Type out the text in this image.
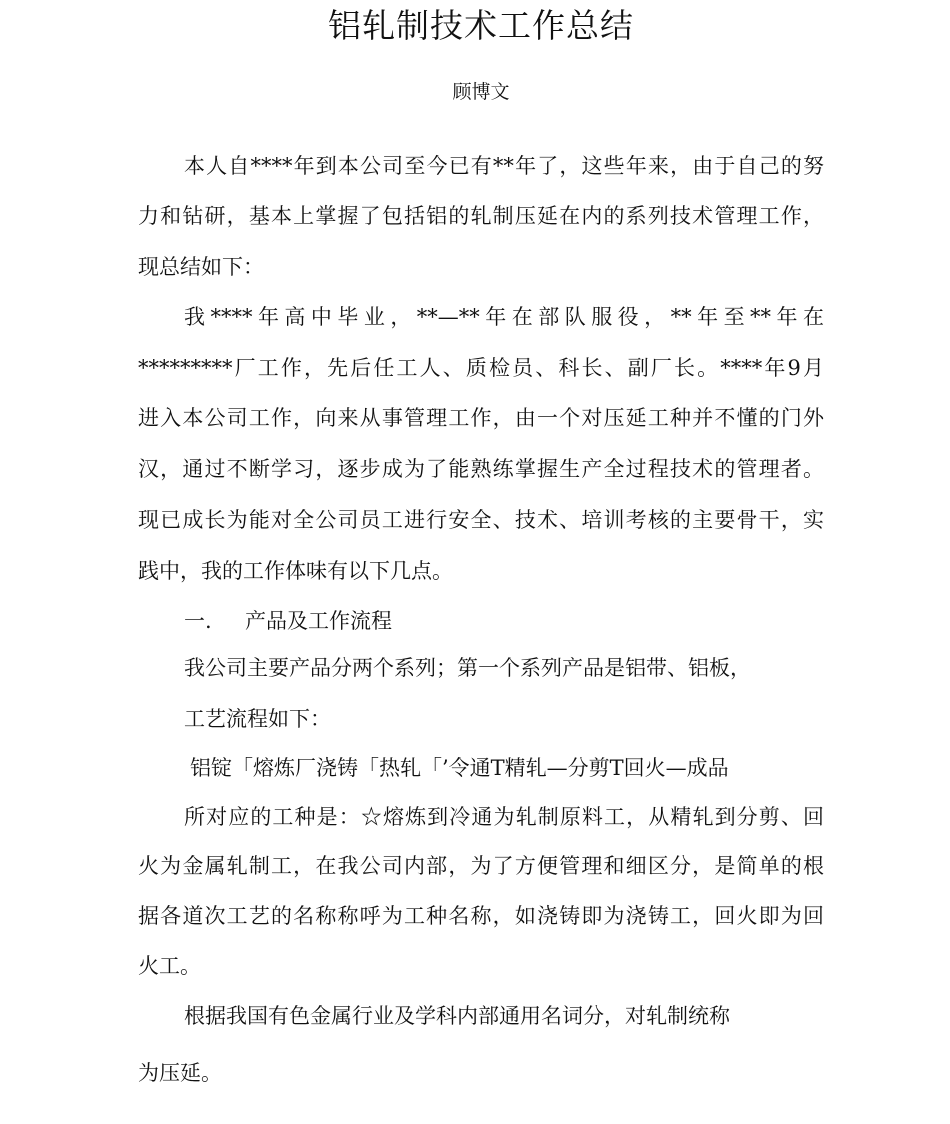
铝轧制技术工作总结
顾博文
本人自****年到本公司至今已有**年了，这些年来，由于自己的努
力和钻研，基本上掌握了包括铝的轧制压延在内的系列技术管理工作，
现总结如下：
我****年高中毕业，**—**年在部队服役，**年至**年在
*********厂工作，先后任工人、质检员、科长、副厂长。****年9月
进入本公司工作，向来从事管理工作，由一个对压延工种并不懂的门外
汉，通过不断学习，逐步成为了能熟练掌握生产全过程技术的管理者。
现已成长为能对全公司员工进行安全、技术、培训考核的主要骨干，实
践中，我的工作体味有以下几点。
一.     产品及工作流程
我公司主要产品分两个系列；第一个系列产品是铝带、铝板，
工艺流程如下：
铝锭「熔炼厂浇铸「热轧「’令通T精轧—分剪T回火—成品
所对应的工种是：☆熔炼到冷通为轧制原料工，从精轧到分剪、回
火为金属轧制工，在我公司内部，为了方便管理和细区分，是简单的根
据各道次工艺的名称称呼为工种名称，如浇铸即为浇铸工，回火即为回
火工。
根据我国有色金属行业及学科内部通用名词分，对轧制统称
为压延。
